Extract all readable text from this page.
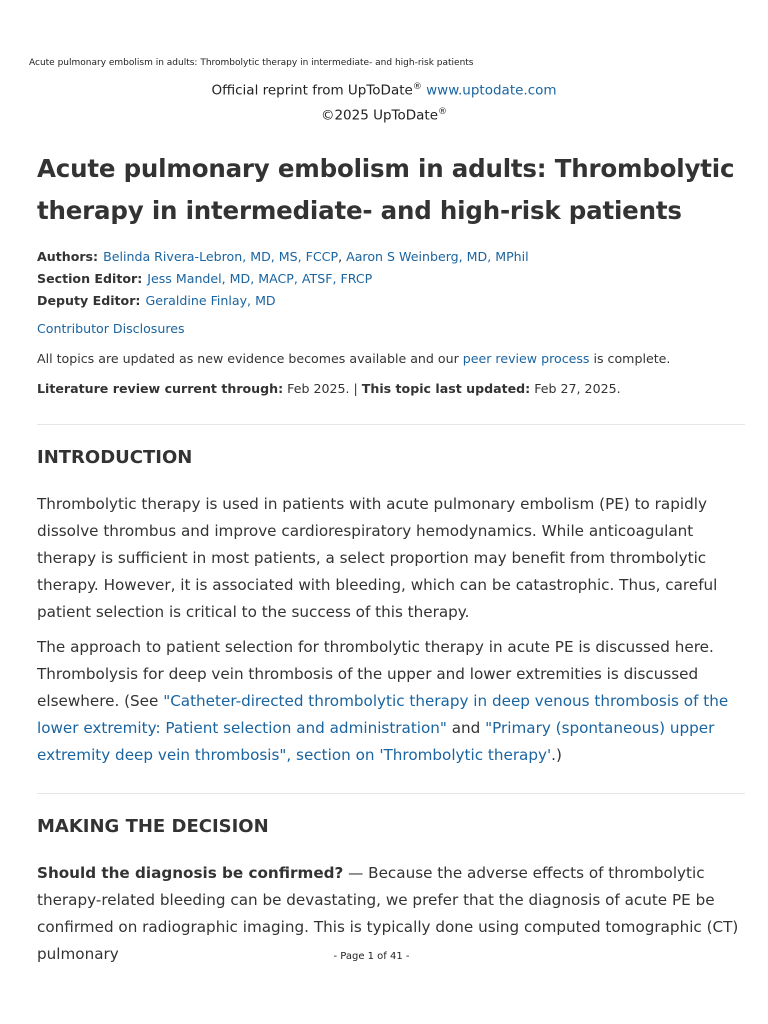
Acute pulmonary embolism in adults: Thrombolytic therapy in intermediate- and high-risk patients
Official reprint from UpToDate® www.uptodate.com
©2025 UpToDate®
Acute pulmonary embolism in adults: Thrombolytic therapy in intermediate- and high-risk patients
Authors: Belinda Rivera-Lebron, MD, MS, FCCP, Aaron S Weinberg, MD, MPhil
Section Editor: Jess Mandel, MD, MACP, ATSF, FRCP
Deputy Editor: Geraldine Finlay, MD
Contributor Disclosures
All topics are updated as new evidence becomes available and our peer review process is complete.
Literature review current through: Feb 2025. | This topic last updated: Feb 27, 2025.
INTRODUCTION

Thrombolytic therapy is used in patients with acute pulmonary embolism (PE) to rapidly dissolve thrombus and improve cardiorespiratory hemodynamics. While anticoagulant therapy is sufficient in most patients, a select proportion may benefit from thrombolytic therapy. However, it is associated with bleeding, which can be catastrophic. Thus, careful patient selection is critical to the success of this therapy.

The approach to patient selection for thrombolytic therapy in acute PE is discussed here. Thrombolysis for deep vein thrombosis of the upper and lower extremities is discussed elsewhere. (See "Catheter-directed thrombolytic therapy in deep venous thrombosis of the lower extremity: Patient selection and administration" and "Primary (spontaneous) upper extremity deep vein thrombosis", section on 'Thrombolytic therapy'.)

MAKING THE DECISION

Should the diagnosis be confirmed? — Because the adverse effects of thrombolytic therapy-related bleeding can be devastating, we prefer that the diagnosis of acute PE be confirmed on radiographic imaging. This is typically done using computed tomographic (CT) pulmonary	- Page 1 of 41 -
